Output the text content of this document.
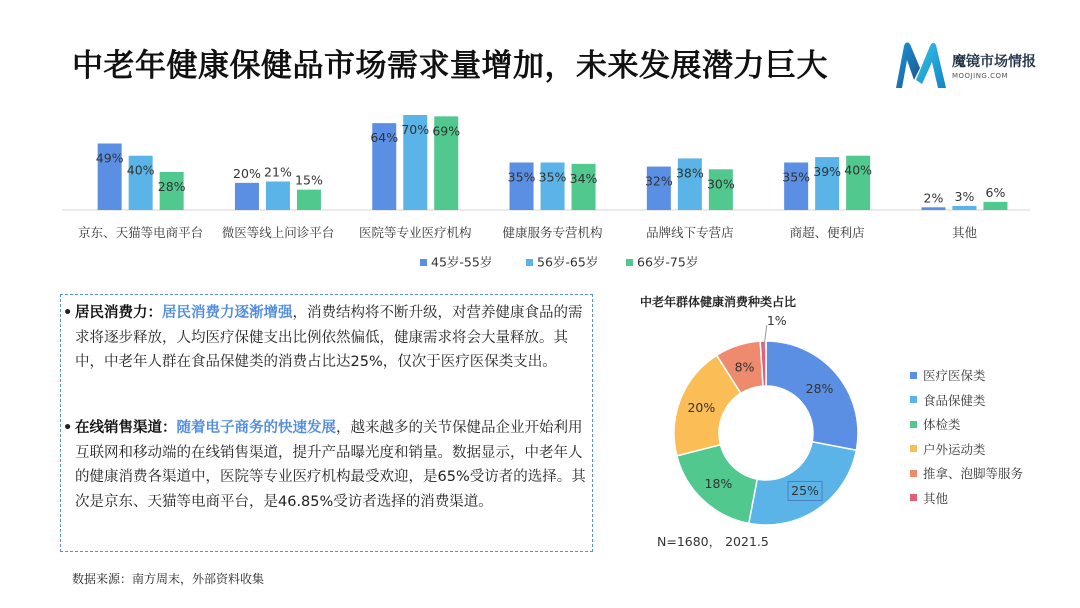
中老年健康保健品市场需求量增加，未来发展潜力巨大	魔镜市场情报
MOOJING.COM
49%
40%
28%
京东、天猫等电商平台
20% 21%
15%
微医等线上问诊平台
64%
70% 69%
医院等专业医疗机构
35% 35% 34%
健康服务专营机构
32%
38%
30%
品牌线下专营店
35% 39% 40%
商超、便利店
2% 3% 6%
其他
45岁-55岁	56岁-65岁	66岁-75岁
• 居民消费力：居民消费力逐渐增强，消费结构将不断升级，对营养健康食品的需求将逐步释放，人均医疗保健支出比例依然偏低，健康需求将会大量释放。其中，中老年人群在食品保健类的消费占比达25%，仅次于医疗医保类支出。
• 在线销售渠道：随着电子商务的快速发展，越来越多的关节保健品企业开始利用互联网和移动端的在线销售渠道，提升产品曝光度和销量。数据显示，中老年人的健康消费各渠道中，医院等专业医疗机构最受欢迎，是65%受访者的选择。其次是京东、天猫等电商平台，是46.85%受访者选择的消费渠道。
数据来源：南方周末，外部资料收集
中老年群体健康消费种类占比
28%
25%
18%
20%
8%
1%
N=1680， 2021.5
医疗医保类
食品保健类
体检类
户外运动类
推拿、泡脚等服务
其他
